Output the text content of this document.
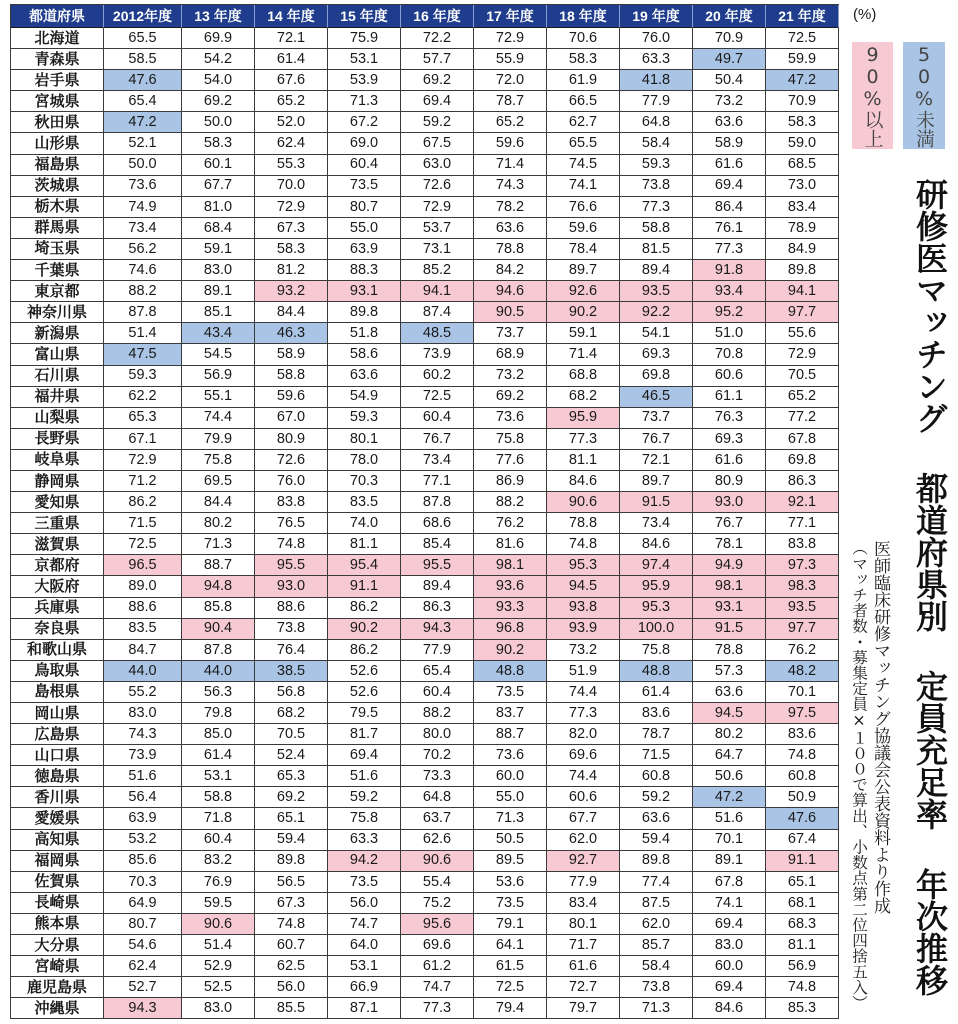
都道府県	2012年度	13 年度	14 年度	15 年度	16 年度	17 年度	18 年度	19 年度	20 年度	21 年度
北海道	65.5	69.9	72.1	75.9	72.2	72.9	70.6	76.0	70.9	72.5
青森県	58.5	54.2	61.4	53.1	57.7	55.9	58.3	63.3	49.7	59.9
岩手県	47.6	54.0	67.6	53.9	69.2	72.0	61.9	41.8	50.4	47.2
宮城県	65.4	69.2	65.2	71.3	69.4	78.7	66.5	77.9	73.2	70.9
秋田県	47.2	50.0	52.0	67.2	59.2	65.2	62.7	64.8	63.6	58.3
山形県	52.1	58.3	62.4	69.0	67.5	59.6	65.5	58.4	58.9	59.0
福島県	50.0	60.1	55.3	60.4	63.0	71.4	74.5	59.3	61.6	68.5
茨城県	73.6	67.7	70.0	73.5	72.6	74.3	74.1	73.8	69.4	73.0
栃木県	74.9	81.0	72.9	80.7	72.9	78.2	76.6	77.3	86.4	83.4
群馬県	73.4	68.4	67.3	55.0	53.7	63.6	59.6	58.8	76.1	78.9
埼玉県	56.2	59.1	58.3	63.9	73.1	78.8	78.4	81.5	77.3	84.9
千葉県	74.6	83.0	81.2	88.3	85.2	84.2	89.7	89.4	91.8	89.8
東京都	88.2	89.1	93.2	93.1	94.1	94.6	92.6	93.5	93.4	94.1
神奈川県	87.8	85.1	84.4	89.8	87.4	90.5	90.2	92.2	95.2	97.7
新潟県	51.4	43.4	46.3	51.8	48.5	73.7	59.1	54.1	51.0	55.6
富山県	47.5	54.5	58.9	58.6	73.9	68.9	71.4	69.3	70.8	72.9
石川県	59.3	56.9	58.8	63.6	60.2	73.2	68.8	69.8	60.6	70.5
福井県	62.2	55.1	59.6	54.9	72.5	69.2	68.2	46.5	61.1	65.2
山梨県	65.3	74.4	67.0	59.3	60.4	73.6	95.9	73.7	76.3	77.2
長野県	67.1	79.9	80.9	80.1	76.7	75.8	77.3	76.7	69.3	67.8
岐阜県	72.9	75.8	72.6	78.0	73.4	77.6	81.1	72.1	61.6	69.8
静岡県	71.2	69.5	76.0	70.3	77.1	86.9	84.6	89.7	80.9	86.3
愛知県	86.2	84.4	83.8	83.5	87.8	88.2	90.6	91.5	93.0	92.1
三重県	71.5	80.2	76.5	74.0	68.6	76.2	78.8	73.4	76.7	77.1
滋賀県	72.5	71.3	74.8	81.1	85.4	81.6	74.8	84.6	78.1	83.8
京都府	96.5	88.7	95.5	95.4	95.5	98.1	95.3	97.4	94.9	97.3
大阪府	89.0	94.8	93.0	91.1	89.4	93.6	94.5	95.9	98.1	98.3
兵庫県	88.6	85.8	88.6	86.2	86.3	93.3	93.8	95.3	93.1	93.5
奈良県	83.5	90.4	73.8	90.2	94.3	96.8	93.9	100.0	91.5	97.7
和歌山県	84.7	87.8	76.4	86.2	77.9	90.2	73.2	75.8	78.8	76.2
鳥取県	44.0	44.0	38.5	52.6	65.4	48.8	51.9	48.8	57.3	48.2
島根県	55.2	56.3	56.8	52.6	60.4	73.5	74.4	61.4	63.6	70.1
岡山県	83.0	79.8	68.2	79.5	88.2	83.7	77.3	83.6	94.5	97.5
広島県	74.3	85.0	70.5	81.7	80.0	88.7	82.0	78.7	80.2	83.6
山口県	73.9	61.4	52.4	69.4	70.2	73.6	69.6	71.5	64.7	74.8
徳島県	51.6	53.1	65.3	51.6	73.3	60.0	74.4	60.8	50.6	60.8
香川県	56.4	58.8	69.2	59.2	64.8	55.0	60.6	59.2	47.2	50.9
愛媛県	63.9	71.8	65.1	75.8	63.7	71.3	67.7	63.6	51.6	47.6
高知県	53.2	60.4	59.4	63.3	62.6	50.5	62.0	59.4	70.1	67.4
福岡県	85.6	83.2	89.8	94.2	90.6	89.5	92.7	89.8	89.1	91.1
佐賀県	70.3	76.9	56.5	73.5	55.4	53.6	77.9	77.4	67.8	65.1
長崎県	64.9	59.5	67.3	56.0	75.2	73.5	83.4	87.5	74.1	68.1
熊本県	80.7	90.6	74.8	74.7	95.6	79.1	80.1	62.0	69.4	68.3
大分県	54.6	51.4	60.7	64.0	69.6	64.1	71.7	85.7	83.0	81.1
宮崎県	62.4	52.9	62.5	53.1	61.2	61.5	61.6	58.4	60.0	56.9
鹿児島県	52.7	52.5	56.0	66.9	74.7	72.5	72.7	73.8	69.4	74.8
沖縄県	94.3	83.0	85.5	87.1	77.3	79.4	79.7	71.3	84.6	85.3
(%)
90%以上 50%未満
研修医マッチング 都道府県別 定員充足率 年次推移
医師臨床研修マッチング協議会公表資料より作成
（マッチ者数・募集定員×１００で算出、小数点第二位四捨五入）
